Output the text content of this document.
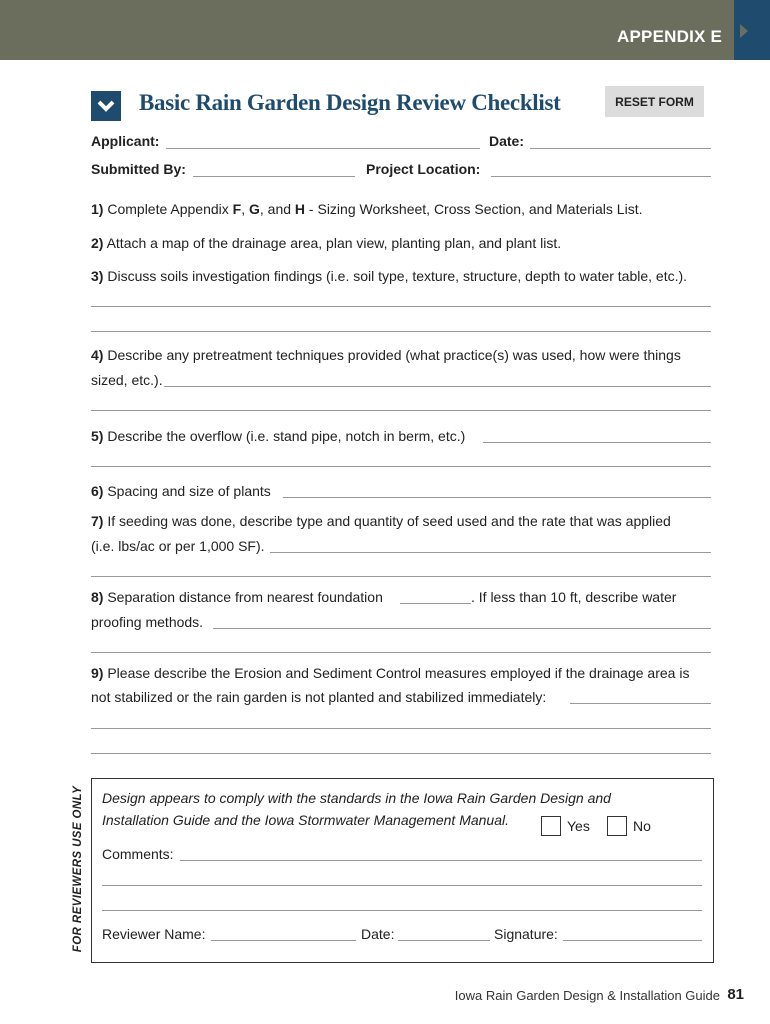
APPENDIX E
Basic Rain Garden Design Review Checklist	RESET FORM
Applicant:	Date:
Submitted By:	Project Location:
1) Complete Appendix F, G, and H - Sizing Worksheet, Cross Section, and Materials List.
2) Attach a map of the drainage area, plan view, planting plan, and plant list.
3) Discuss soils investigation findings (i.e. soil type, texture, structure, depth to water table, etc.).
4) Describe any pretreatment techniques provided (what practice(s) was used, how were things
sized, etc.).
5) Describe the overflow (i.e. stand pipe, notch in berm, etc.)
6) Spacing and size of plants
7) If seeding was done, describe type and quantity of seed used and the rate that was applied
(i.e. lbs/ac or per 1,000 SF).
8) Separation distance from nearest foundation	. If less than 10 ft, describe water
proofing methods.
9) Please describe the Erosion and Sediment Control measures employed if the drainage area is
not stabilized or the rain garden is not planted and stabilized immediately:
FOR REVIEWERS USE ONLY Design appears to comply with the standards in the Iowa Rain Garden Design and
Installation Guide and the Iowa Stormwater Management Manual.	Yes	No
Comments:
Reviewer Name:	Date:	Signature:
Iowa Rain Garden Design & Installation Guide 81
